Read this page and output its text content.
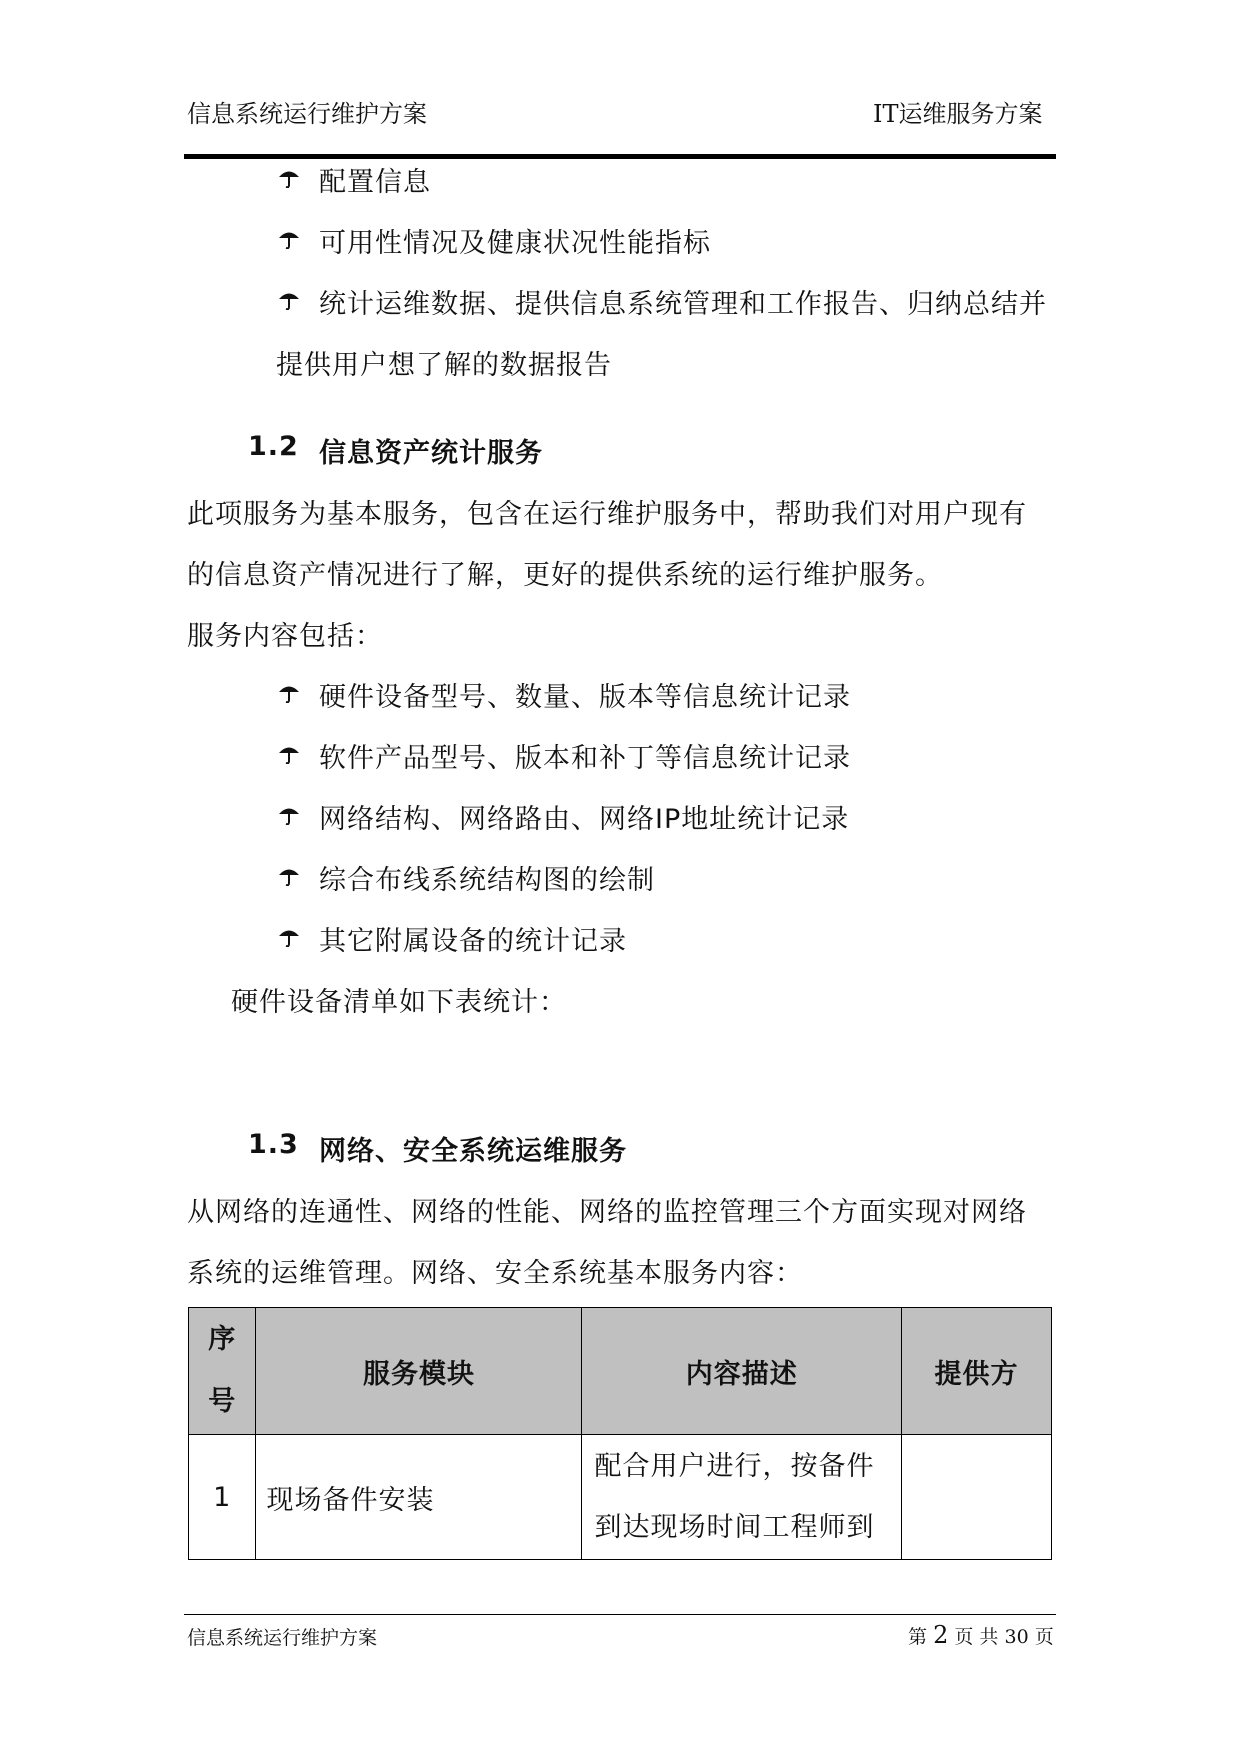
信息系统运行维护方案	IT运维服务方案
配置信息
可用性情况及健康状况性能指标
统计运维数据、提供信息系统管理和工作报告、归纳总结并
提供用户想了解的数据报告
1.2 信息资产统计服务
此项服务为基本服务，包含在运行维护服务中，帮助我们对用户现有
的信息资产情况进行了解，更好的提供系统的运行维护服务。
服务内容包括：
硬件设备型号、数量、版本等信息统计记录
软件产品型号、版本和补丁等信息统计记录
网络结构、网络路由、网络IP地址统计记录
综合布线系统结构图的绘制
其它附属设备的统计记录
硬件设备清单如下表统计：
1.3 网络、安全系统运维服务
从网络的连通性、网络的性能、网络的监控管理三个方面实现对网络
系统的运维管理。网络、安全系统基本服务内容：
序
号	服务模块	内容描述	提供方
1	现场备件安装	配合用户进行，按备件
到达现场时间工程师到	

信息系统运行维护方案	第 2 页 共 30 页
